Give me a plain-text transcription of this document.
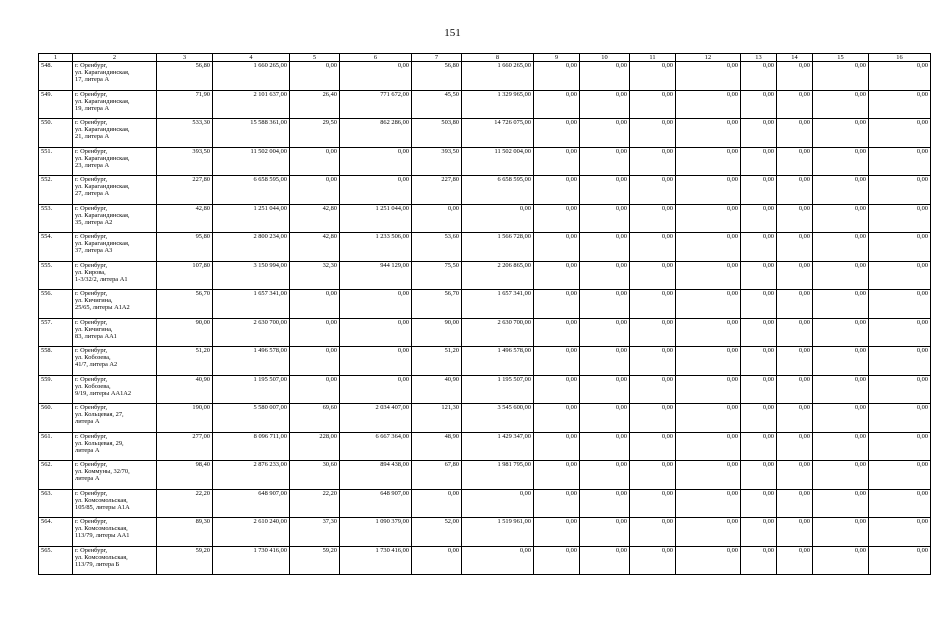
151
1	2	3	4	5	6	7	8	9	10	11	12	13	14	15	16
548.	г. Оренбург,
ул. Карагандинская,
17, литера А	56,80	1 660 265,00	0,00	0,00	56,80	1 660 265,00	0,00	0,00	0,00	0,00	0,00	0,00	0,00	0,00
549.	г. Оренбург,
ул. Карагандинская,
19, литера А	71,90	2 101 637,00	26,40	771 672,00	45,50	1 329 965,00	0,00	0,00	0,00	0,00	0,00	0,00	0,00	0,00
550.	г. Оренбург,
ул. Карагандинская,
21, литера А	533,30	15 588 361,00	29,50	862 286,00	503,80	14 726 075,00	0,00	0,00	0,00	0,00	0,00	0,00	0,00	0,00
551.	г. Оренбург,
ул. Карагандинская,
23, литера А	393,50	11 502 004,00	0,00	0,00	393,50	11 502 004,00	0,00	0,00	0,00	0,00	0,00	0,00	0,00	0,00
552.	г. Оренбург,
ул. Карагандинская,
27, литера А	227,80	6 658 595,00	0,00	0,00	227,80	6 658 595,00	0,00	0,00	0,00	0,00	0,00	0,00	0,00	0,00
553.	г. Оренбург,
ул. Карагандинская,
35, литера А2	42,80	1 251 044,00	42,80	1 251 044,00	0,00	0,00	0,00	0,00	0,00	0,00	0,00	0,00	0,00	0,00
554.	г. Оренбург,
ул. Карагандинская,
37, литера А3	95,80	2 800 234,00	42,80	1 233 506,00	53,60	1 566 728,00	0,00	0,00	0,00	0,00	0,00	0,00	0,00	0,00
555.	г. Оренбург,
ул. Кирова,
1-3/32/2, литера А1	107,80	3 150 994,00	32,30	944 129,00	75,50	2 206 865,00	0,00	0,00	0,00	0,00	0,00	0,00	0,00	0,00
556.	г. Оренбург,
ул. Кичигина,
25/65, литеры А1А2	56,70	1 657 341,00	0,00	0,00	56,70	1 657 341,00	0,00	0,00	0,00	0,00	0,00	0,00	0,00	0,00
557.	г. Оренбург,
ул. Кичигина,
83, литера АА1	90,00	2 630 700,00	0,00	0,00	90,00	2 630 700,00	0,00	0,00	0,00	0,00	0,00	0,00	0,00	0,00
558.	г. Оренбург,
ул. Кобозева,
41/7, литера А2	51,20	1 496 578,00	0,00	0,00	51,20	1 496 578,00	0,00	0,00	0,00	0,00	0,00	0,00	0,00	0,00
559.	г. Оренбург,
ул. Кобозева,
9/19, литеры АА1А2	40,90	1 195 507,00	0,00	0,00	40,90	1 195 507,00	0,00	0,00	0,00	0,00	0,00	0,00	0,00	0,00
560.	г. Оренбург,
ул. Кольцевая, 27,
литера А	190,00	5 580 007,00	69,60	2 034 407,00	121,30	3 545 600,00	0,00	0,00	0,00	0,00	0,00	0,00	0,00	0,00
561.	г. Оренбург,
ул. Кольцевая, 29,
литера А	277,00	8 096 711,00	228,00	6 667 364,00	48,90	1 429 347,00	0,00	0,00	0,00	0,00	0,00	0,00	0,00	0,00
562.	г. Оренбург,
ул. Коммуны, 32/70,
литера А	98,40	2 876 233,00	30,60	894 438,00	67,80	1 981 795,00	0,00	0,00	0,00	0,00	0,00	0,00	0,00	0,00
563.	г. Оренбург,
ул. Комсомольская,
105/85, литеры А1А	22,20	648 907,00	22,20	648 907,00	0,00	0,00	0,00	0,00	0,00	0,00	0,00	0,00	0,00	0,00
564.	г. Оренбург,
ул. Комсомольская,
113/79, литеры АА1	89,30	2 610 240,00	37,30	1 090 379,00	52,00	1 519 961,00	0,00	0,00	0,00	0,00	0,00	0,00	0,00	0,00
565.	г. Оренбург,
ул. Комсомольская,
113/79, литера Б	59,20	1 730 416,00	59,20	1 730 416,00	0,00	0,00	0,00	0,00	0,00	0,00	0,00	0,00	0,00	0,00
